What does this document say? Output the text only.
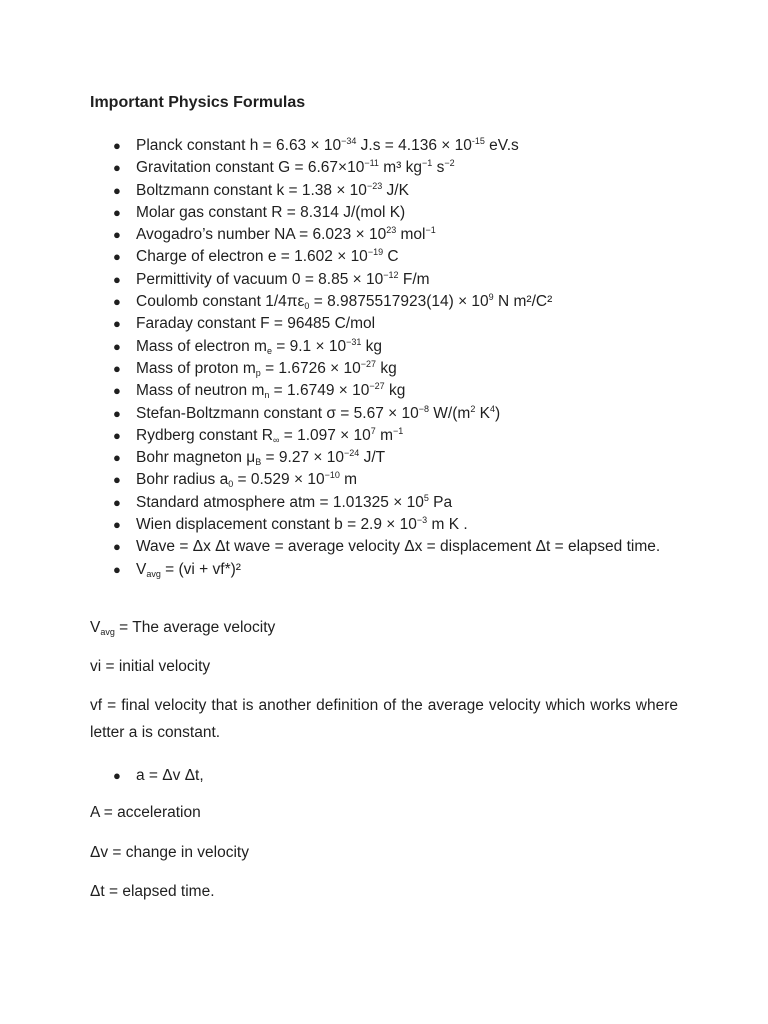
Important Physics Formulas
● Planck constant $h = 6.63 \times 10^{-34}$ $J.s = 4.136 \times 10^{-15}$ eV.s
● Gravitation constant $G = 6.67\times 10^{-11}$ m³ $kg^{-1}$ $s^{-2}$
● Boltzmann constant $k = 1.38 \times 10^{-23}$ J/K
● Molar gas constant R = 8.314 J/(mol K)
● Avogadro’s number NA = $6.023 \times 10^{23}$ mol$^{-1}$
● Charge of electron $e = 1.602 \times 10^{-19}$ C
● Permittivity of vacuum $0 = 8.85 \times 10^{-12}$ F/m
● Coulomb constant $1/4\pi\varepsilon_0 = 8.9875517923(14) \times 10^9$ N m²/C²
● Faraday constant F = 96485 C/mol
● Mass of electron $m_e = 9.1 \times 10^{-31}$ kg
● Mass of proton $m_p = 1.6726 \times 10^{-27}$ kg
● Mass of neutron $m_n = 1.6749 \times 10^{-27}$ kg
● Stefan-Boltzmann constant $\sigma = 5.67 \times 10^{-8}$ $W/(m^2$ $K^4$)
● Rydberg constant $R_\infty = 1.097 \times 10^7$ $m^{-1}$
● Bohr magneton $\mu_B = 9.27 \times 10^{-24}$ J/T
● Bohr radius $a_0 = 0.529 \times 10^{-10}$ m
● Standard atmosphere atm = $1.01325 \times 10^5$ Pa
● Wien displacement constant $b = 2.9 \times 10^{-3}$ m K .
● Wave = Δx Δt wave = average velocity Δx = displacement Δt = elapsed time.
● $V_{avg} = (vi + vf*)^2$

$V_{avg}$ = The average velocity

vi = initial velocity

vf = final velocity that is another definition of the average velocity which works where letter a is constant.

● a = Δv Δt,

A = acceleration

Δv = change in velocity

Δt = elapsed time.
